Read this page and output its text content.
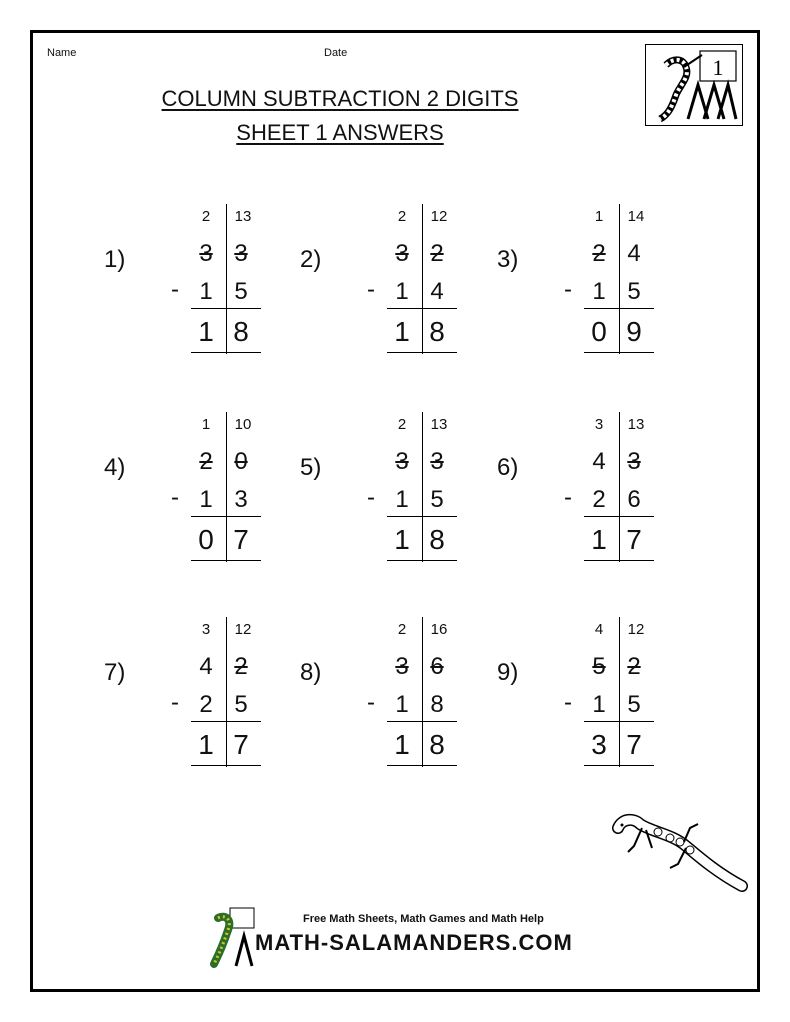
Name	Date
COLUMN SUBTRACTION 2 DIGITS
SHEET 1 ANSWERS
1
1)
2	13
3 3
- 1 5
1 8
2)
2	12
3 2
- 1 4
1 8
3)
1	14
2 4
- 1 5
0 9
4)
1	10
2 0
- 1 3
0 7
5)
2	13
3 3
- 1 5
1 8
6)
3	13
4 3
- 2 6
1 7
7)
3	12
4 2
- 2 5
1 7
8)
2	16
3 6
- 1 8
1 8
9)
4	12
5 2
- 1 5
3 7
Free Math Sheets, Math Games and Math Help
MATH-SALAMANDERS.COM
